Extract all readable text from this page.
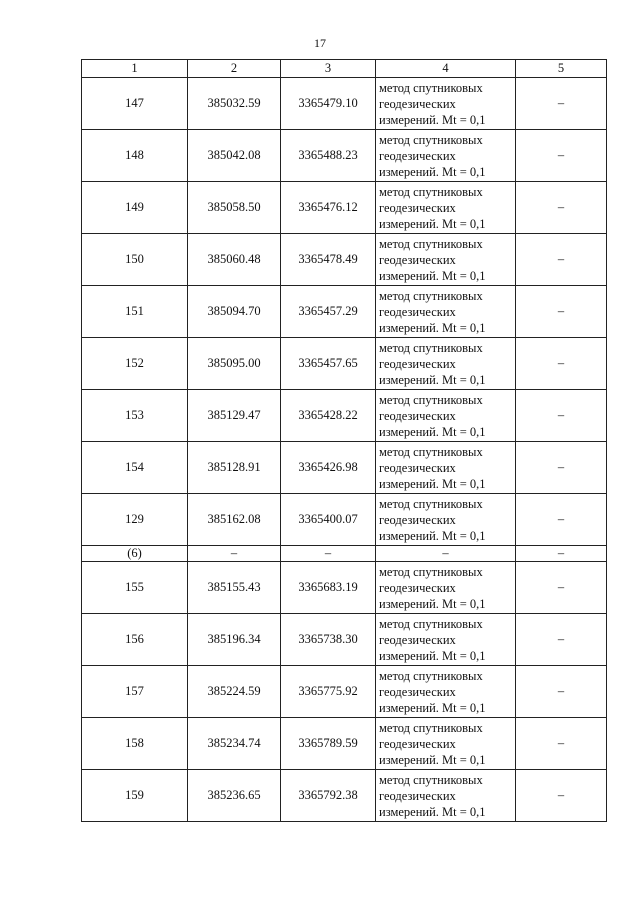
17
1	2	3	4	5
147	385032.59	3365479.10	метод спутниковых
геодезических
измерений. Mt = 0,1	–
148	385042.08	3365488.23	метод спутниковых
геодезических
измерений. Mt = 0,1	–
149	385058.50	3365476.12	метод спутниковых
геодезических
измерений. Mt = 0,1	–
150	385060.48	3365478.49	метод спутниковых
геодезических
измерений. Mt = 0,1	–
151	385094.70	3365457.29	метод спутниковых
геодезических
измерений. Mt = 0,1	–
152	385095.00	3365457.65	метод спутниковых
геодезических
измерений. Mt = 0,1	–
153	385129.47	3365428.22	метод спутниковых
геодезических
измерений. Mt = 0,1	–
154	385128.91	3365426.98	метод спутниковых
геодезических
измерений. Mt = 0,1	–
129	385162.08	3365400.07	метод спутниковых
геодезических
измерений. Mt = 0,1	–
(6)	–	–	–	–
155	385155.43	3365683.19	метод спутниковых
геодезических
измерений. Mt = 0,1	–
156	385196.34	3365738.30	метод спутниковых
геодезических
измерений. Mt = 0,1	–
157	385224.59	3365775.92	метод спутниковых
геодезических
измерений. Mt = 0,1	–
158	385234.74	3365789.59	метод спутниковых
геодезических
измерений. Mt = 0,1	–
159	385236.65	3365792.38	метод спутниковых
геодезических
измерений. Mt = 0,1	–
